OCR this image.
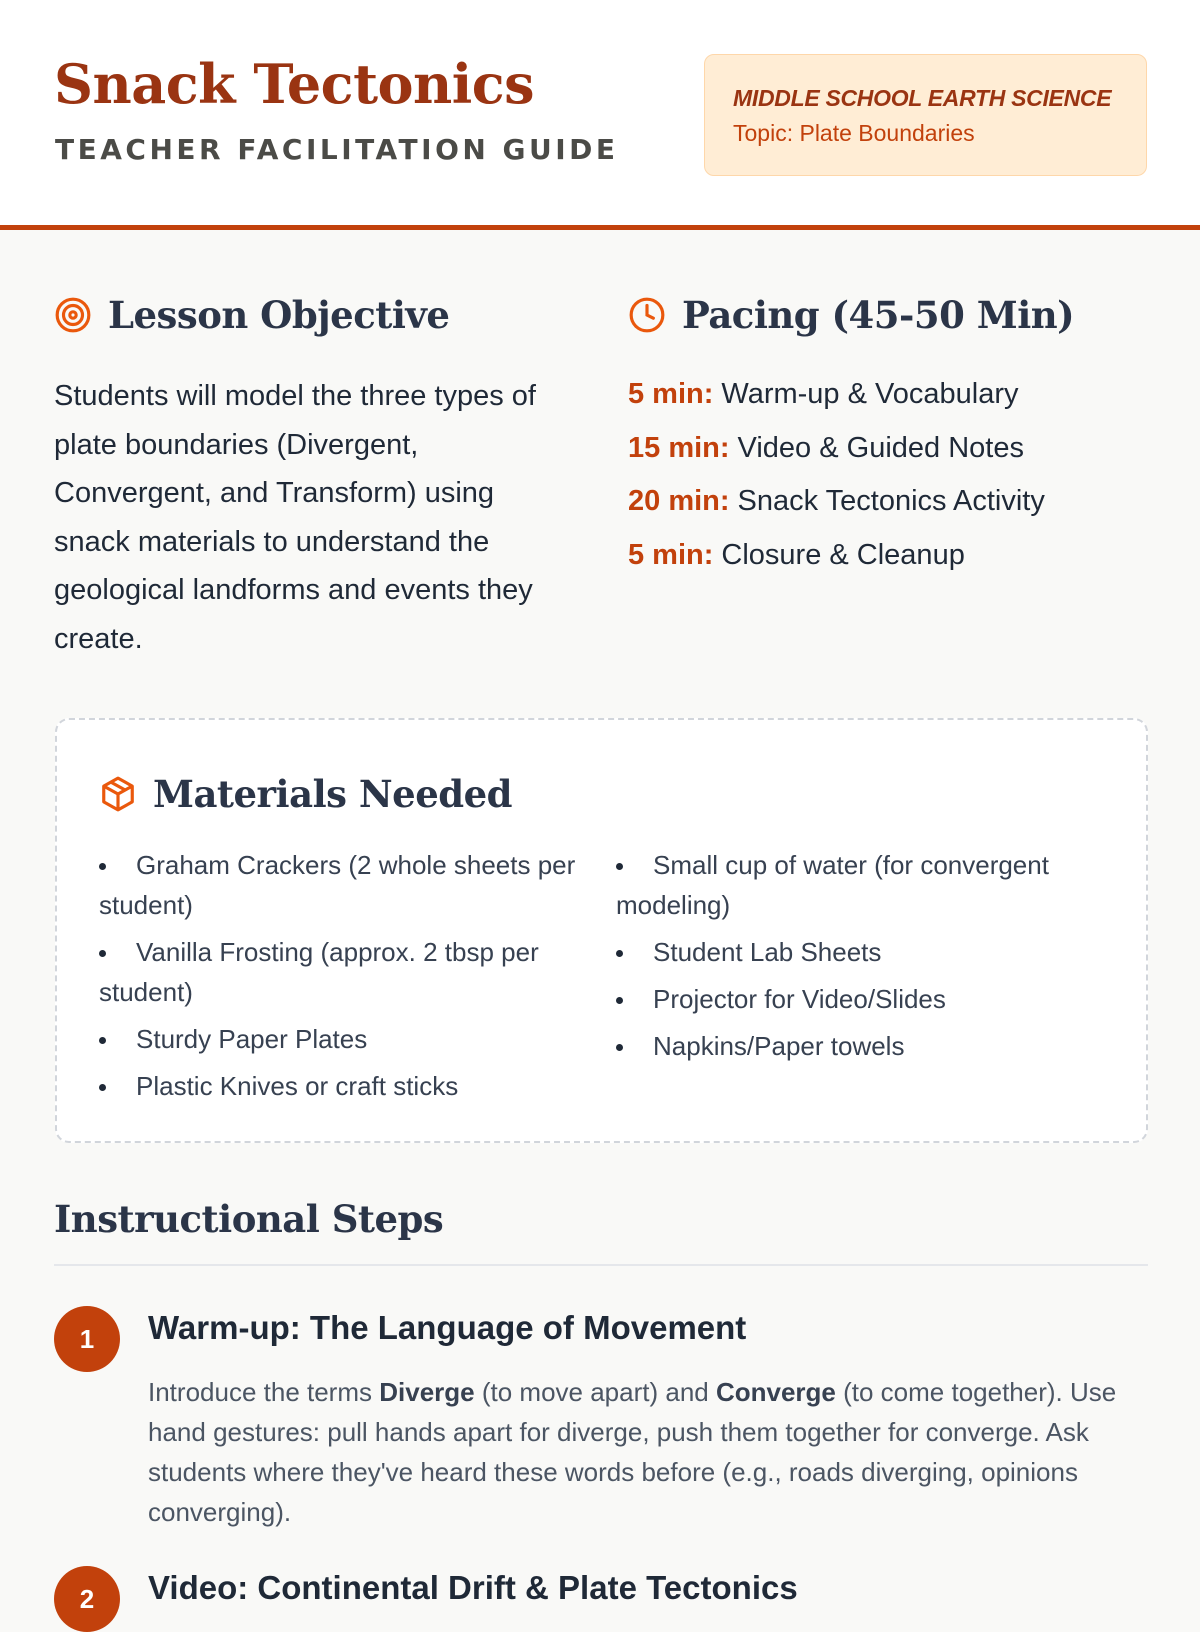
Snack Tectonics
TEACHER FACILITATION GUIDE
MIDDLE SCHOOL EARTH SCIENCE
Topic: Plate Boundaries
Lesson Objective

Students will model the three types of plate boundaries (Divergent, Convergent, and Transform) using snack materials to understand the geological landforms and events they create.

Pacing (45-50 Min)
5 min: Warm-up & Vocabulary
15 min: Video & Guided Notes
20 min: Snack Tectonics Activity
5 min: Closure & Cleanup
Materials Needed
Graham Crackers (2 whole sheets per student)
Vanilla Frosting (approx. 2 tbsp per student)
Sturdy Paper Plates
Plastic Knives or craft sticks
Small cup of water (for convergent modeling)
Student Lab Sheets
Projector for Video/Slides
Napkins/Paper towels
Instructional Steps
1	Warm-up: The Language of Movement

Introduce the terms Diverge (to move apart) and Converge (to come together). Use hand gestures: pull hands apart for diverge, push them together for converge. Ask students where they've heard these words before (e.g., roads diverging, opinions converging).

2	Video: Continental Drift & Plate Tectonics
